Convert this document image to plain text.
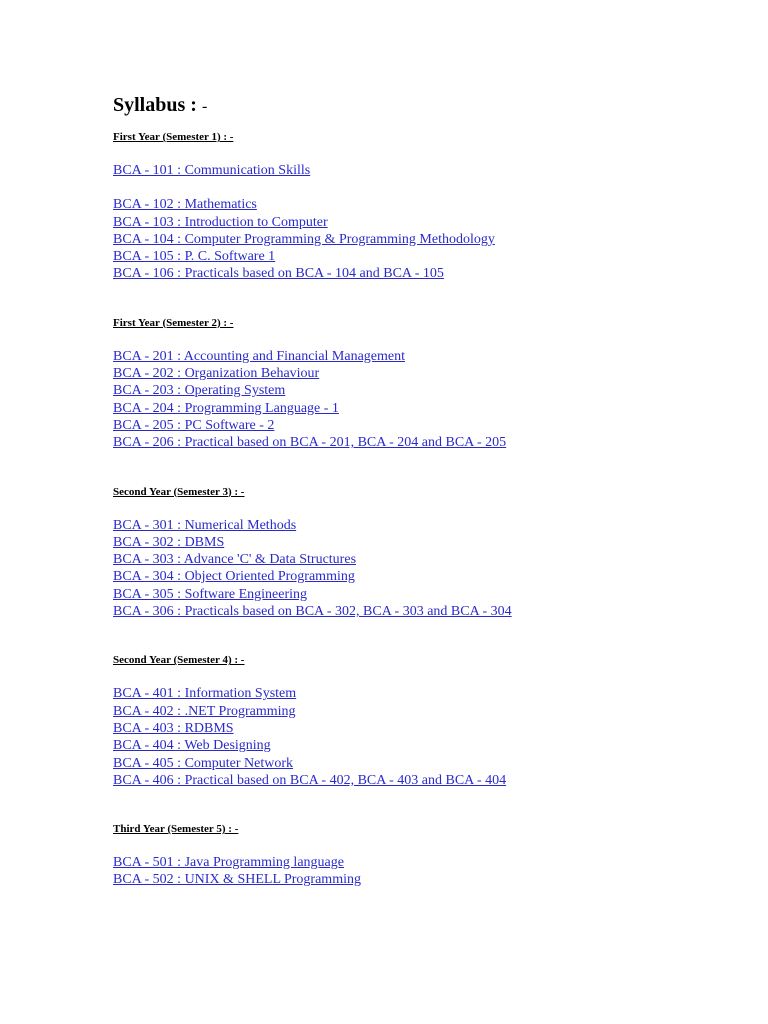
Syllabus : -
First Year (Semester 1) : -
BCA - 101 : Communication Skills
BCA - 102 : Mathematics
BCA - 103 : Introduction to Computer
BCA - 104 : Computer Programming & Programming Methodology
BCA - 105 : P. C. Software 1
BCA - 106 : Practicals based on BCA - 104 and BCA - 105
First Year (Semester 2) : -
BCA - 201 : Accounting and Financial Management
BCA - 202 : Organization Behaviour
BCA - 203 : Operating System
BCA - 204 : Programming Language - 1
BCA - 205 : PC Software - 2
BCA - 206 : Practical based on BCA - 201, BCA - 204 and BCA - 205
Second Year (Semester 3) : -
BCA - 301 : Numerical Methods
BCA - 302 : DBMS
BCA - 303 : Advance 'C' & Data Structures
BCA - 304 : Object Oriented Programming
BCA - 305 : Software Engineering
BCA - 306 : Practicals based on BCA - 302, BCA - 303 and BCA - 304
Second Year (Semester 4) : -
BCA - 401 : Information System
BCA - 402 : .NET Programming
BCA - 403 : RDBMS
BCA - 404 : Web Designing
BCA - 405 : Computer Network
BCA - 406 : Practical based on BCA - 402, BCA - 403 and BCA - 404
Third Year (Semester 5) : -
BCA - 501 : Java Programming language
BCA - 502 : UNIX & SHELL Programming
